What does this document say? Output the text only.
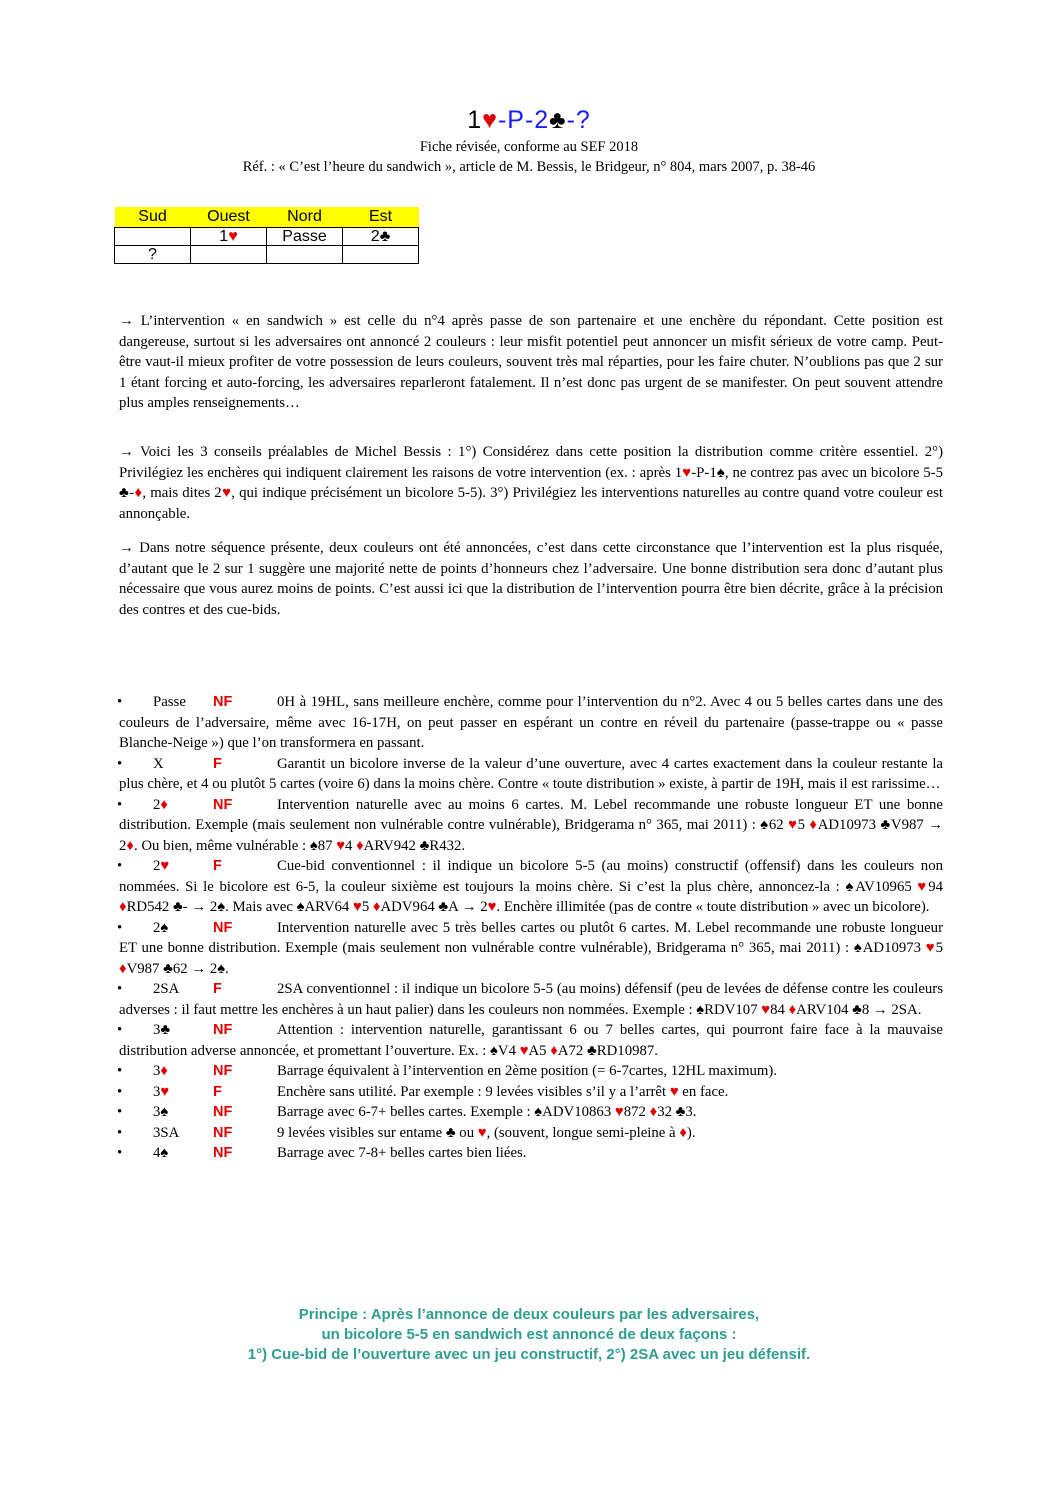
1♥-P-2♣-?
Fiche révisée, conforme au SEF 2018
Réf. : « C’est l’heure du sandwich », article de M. Bessis, le Bridgeur, n° 804, mars 2007, p. 38-46
Sud	Ouest	Nord	Est
	1♥	Passe	2♣
?			
→ L’intervention « en sandwich » est celle du n°4 après passe de son partenaire et une enchère du répondant. Cette position est dangereuse, surtout si les adversaires ont annoncé 2 couleurs : leur misfit potentiel peut annoncer un misfit sérieux de votre camp. Peut-être vaut-il mieux profiter de votre possession de leurs couleurs, souvent très mal réparties, pour les faire chuter. N’oublions pas que 2 sur 1 étant forcing et auto-forcing, les adversaires reparleront fatalement. Il n’est donc pas urgent de se manifester. On peut souvent attendre plus amples renseignements…
→ Voici les 3 conseils préalables de Michel Bessis : 1°) Considérez dans cette position la distribution comme critère essentiel. 2°) Privilégiez les enchères qui indiquent clairement les raisons de votre intervention (ex. : après 1♥-P-1♠, ne contrez pas avec un bicolore 5-5 ♣-♦, mais dites 2♥, qui indique précisément un bicolore 5-5). 3°) Privilégiez les interventions naturelles au contre quand votre couleur est annonçable.
→ Dans notre séquence présente, deux couleurs ont été annoncées, c’est dans cette circonstance que l’intervention est la plus risquée, d’autant que le 2 sur 1 suggère une majorité nette de points d’honneurs chez l’adversaire. Une bonne distribution sera donc d’autant plus nécessaire que vous aurez moins de points. C’est aussi ici que la distribution de l’intervention pourra être bien décrite, grâce à la précision des contres et des cue-bids.
• Passe NF	0H à 19HL, sans meilleure enchère, comme pour l’intervention du n°2. Avec 4 ou 5 belles cartes dans une des couleurs de l’adversaire, même avec 16-17H, on peut passer en espérant un contre en réveil du partenaire (passe-trappe ou « passe Blanche-Neige ») que l’on transformera en passant.
• X	F	Garantit un bicolore inverse de la valeur d’une ouverture, avec 4 cartes exactement dans la couleur restante la plus chère, et 4 ou plutôt 5 cartes (voire 6) dans la moins chère. Contre « toute distribution » existe, à partir de 19H, mais il est rarissime…
• 2♦	NF	Intervention naturelle avec au moins 6 cartes. M. Lebel recommande une robuste longueur ET une bonne distribution. Exemple (mais seulement non vulnérable contre vulnérable), Bridgerama n° 365, mai 2011) : ♠62 ♥5 ♦AD10973 ♣V987 → 2♦. Ou bien, même vulnérable : ♠87 ♥4 ♦ARV942 ♣R432.
• 2♥	F	Cue-bid conventionnel : il indique un bicolore 5-5 (au moins) constructif (offensif) dans les couleurs non nommées. Si le bicolore est 6-5, la couleur sixième est toujours la moins chère. Si c’est la plus chère, annoncez-la : ♠AV10965 ♥94 ♦RD542 ♣- → 2♠. Mais avec ♠ARV64 ♥5 ♦ADV964 ♣A → 2♥. Enchère illimitée (pas de contre « toute distribution » avec un bicolore).
• 2♠	NF	Intervention naturelle avec 5 très belles cartes ou plutôt 6 cartes. M. Lebel recommande une robuste longueur ET une bonne distribution. Exemple (mais seulement non vulnérable contre vulnérable), Bridgerama n° 365, mai 2011) : ♠AD10973 ♥5 ♦V987 ♣62 → 2♠.
• 2SA F	2SA conventionnel : il indique un bicolore 5-5 (au moins) défensif (peu de levées de défense contre les couleurs adverses : il faut mettre les enchères à un haut palier) dans les couleurs non nommées. Exemple : ♠RDV107 ♥84 ♦ARV104 ♣8 → 2SA.
• 3♣	NF	Attention : intervention naturelle, garantissant 6 ou 7 belles cartes, qui pourront faire face à la mauvaise distribution adverse annoncée, et promettant l’ouverture. Ex. : ♠V4 ♥A5 ♦A72 ♣RD10987.
• 3♦	NF	Barrage équivalent à l’intervention en 2ème position (= 6-7cartes, 12HL maximum).
• 3♥	F	Enchère sans utilité. Par exemple : 9 levées visibles s’il y a l’arrêt ♥ en face.
• 3♠	NF	Barrage avec 6-7+ belles cartes. Exemple : ♠ADV10863 ♥872 ♦32 ♣3.
• 3SA NF	9 levées visibles sur entame ♣ ou ♥, (souvent, longue semi-pleine à ♦).
• 4♠	NF	Barrage avec 7-8+ belles cartes bien liées.
Principe : Après l’annonce de deux couleurs par les adversaires,
un bicolore 5-5 en sandwich est annoncé de deux façons :
1°) Cue-bid de l’ouverture avec un jeu constructif, 2°) 2SA avec un jeu défensif.
